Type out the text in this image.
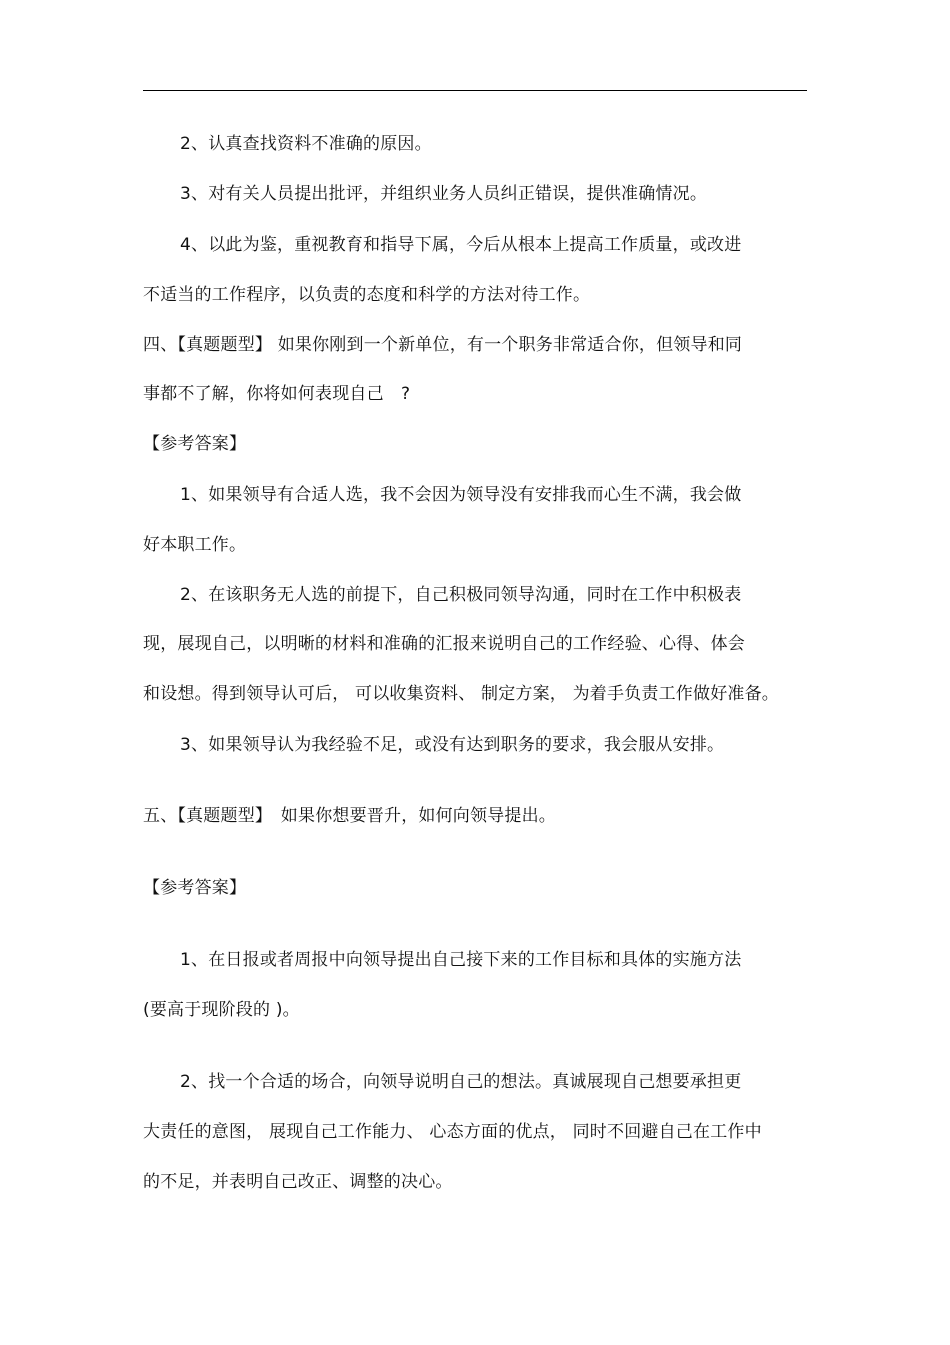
2、认真查找资料不准确的原因。
3、对有关人员提出批评，并组织业务人员纠正错误，提供准确情况。
4、以此为鉴，重视教育和指导下属，今后从根本上提高工作质量，或改进
不适当的工作程序，以负责的态度和科学的方法对待工作。
四、【真题题型】 如果你刚到一个新单位，有一个职务非常适合你，但领导和同
事都不了解，你将如何表现自己　?
【参考答案】
1、如果领导有合适人选，我不会因为领导没有安排我而心生不满，我会做
好本职工作。
2、在该职务无人选的前提下，自己积极同领导沟通，同时在工作中积极表
现，展现自己，以明晰的材料和准确的汇报来说明自己的工作经验、心得、体会
和设想。得到领导认可后， 可以收集资料、 制定方案， 为着手负责工作做好准备。
3、如果领导认为我经验不足，或没有达到职务的要求，我会服从安排。
五、【真题题型】　如果你想要晋升，如何向领导提出。
【参考答案】
1、在日报或者周报中向领导提出自己接下来的工作目标和具体的实施方法
(要高于现阶段的 )。
2、找一个合适的场合，向领导说明自己的想法。真诚展现自己想要承担更
大责任的意图， 展现自己工作能力、 心态方面的优点， 同时不回避自己在工作中
的不足，并表明自己改正、调整的决心。
